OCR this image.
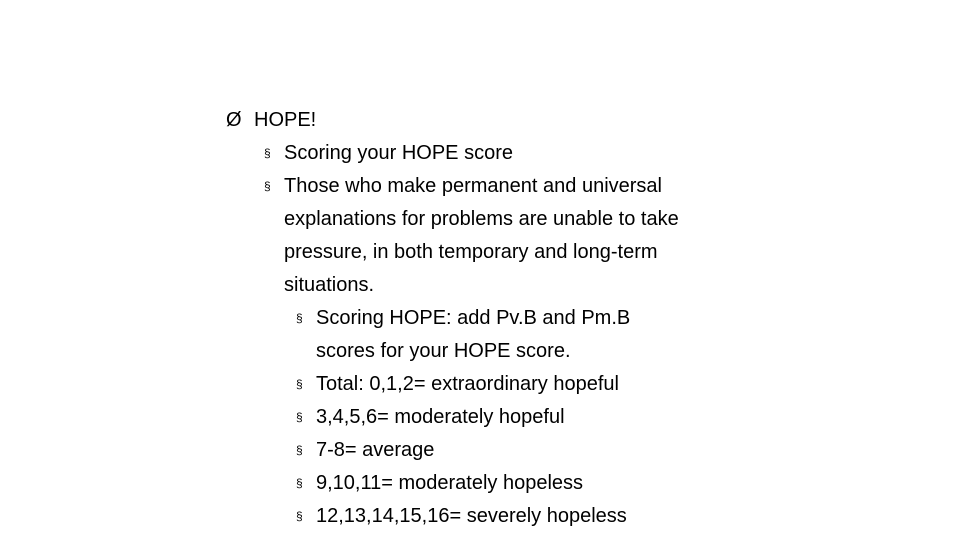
Ø HOPE!
§ Scoring your HOPE score
§ Those who make permanent and universal explanations for problems are unable to take pressure, in both temporary and long-term situations.
§ Scoring HOPE: add Pv.B and Pm.B scores for your HOPE score.
§ Total: 0,1,2= extraordinary hopeful
§ 3,4,5,6= moderately hopeful
§ 7-8= average
§ 9,10,11= moderately hopeless
§ 12,13,14,15,16= severely hopeless
